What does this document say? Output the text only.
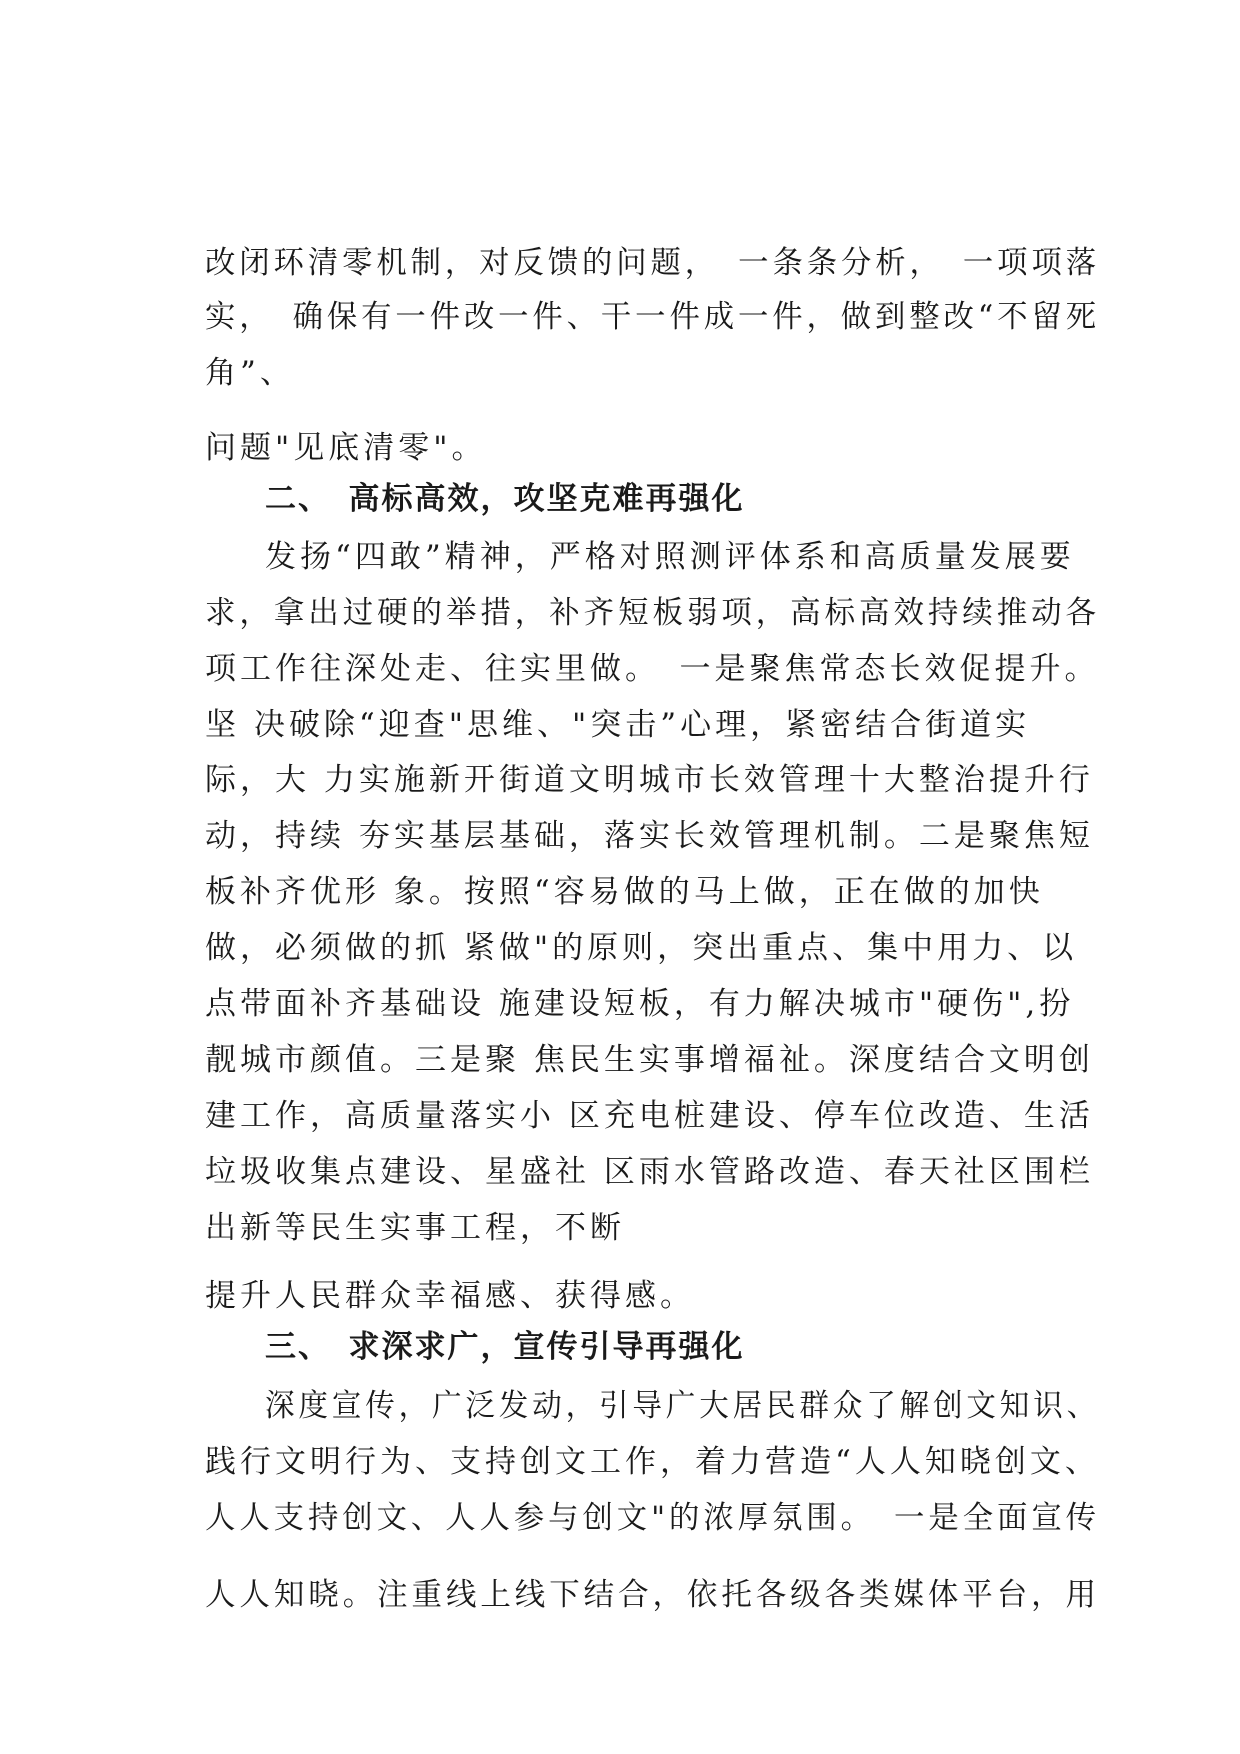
改闭环清零机制，对反馈的问题，　一条条分析，　一项项落

实，　确保有一件改一件、干一件成一件，做到整改“不留死

角”、

问题"见底清零"。

二、　高标高效，攻坚克难再强化

发扬“四敢”精神，严格对照测评体系和高质量发展要

求，拿出过硬的举措，补齐短板弱项，高标高效持续推动各

项工作往深处走、往实里做。　一是聚焦常态长效促提升。

坚 决破除“迎查"思维、"突击”心理，紧密结合街道实

际，大 力实施新开街道文明城市长效管理十大整治提升行

动，持续 夯实基层基础，落实长效管理机制。二是聚焦短

板补齐优形 象。按照“容易做的马上做，正在做的加快

做，必须做的抓 紧做"的原则，突出重点、集中用力、以

点带面补齐基础设 施建设短板，有力解决城市"硬伤",扮

靓城市颜值。三是聚 焦民生实事增福祉。深度结合文明创

建工作，高质量落实小 区充电桩建设、停车位改造、生活

垃圾收集点建设、星盛社 区雨水管路改造、春天社区围栏

出新等民生实事工程，不断

提升人民群众幸福感、获得感。

三、　求深求广，宣传引导再强化

深度宣传，广泛发动，引导广大居民群众了解创文知识、

践行文明行为、支持创文工作，着力营造“人人知晓创文、

人人支持创文、人人参与创文"的浓厚氛围。　一是全面宣传

人人知晓。注重线上线下结合，依托各级各类媒体平台，用
